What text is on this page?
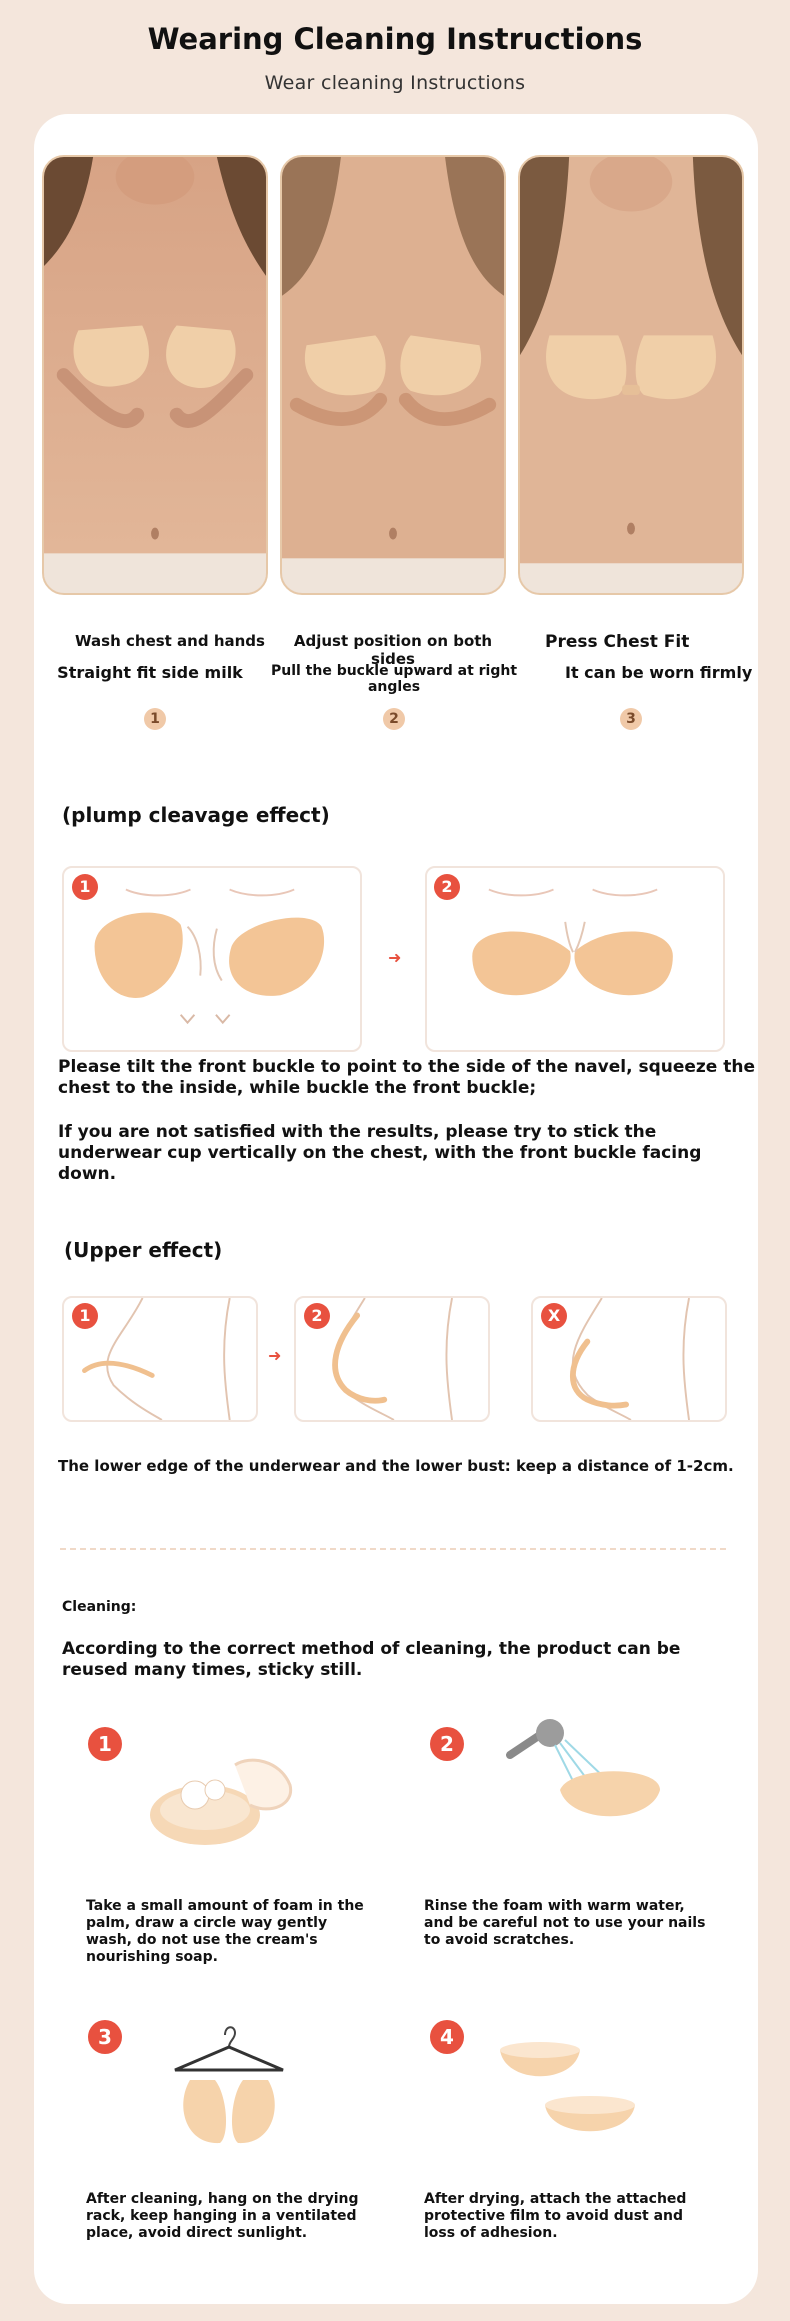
Wearing Cleaning Instructions
Wear cleaning Instructions
Wash chest and hands
Straight fit side milk
1
Adjust position on both sides
Pull the buckle upward at right angles
2
Press Chest Fit
It can be worn firmly
3
(plump cleavage effect)
1
➜
2
Please tilt the front buckle to point to the side of the navel, squeeze the chest to the inside, while buckle the front buckle;
If you are not satisfied with the results, please try to stick the underwear cup vertically on the chest, with the front buckle facing down.
(Upper effect)
1
➜
2	X
The lower edge of the underwear and the lower bust: keep a distance of 1-2cm.
Cleaning:
According to the correct method of cleaning, the product can be reused many times, sticky still.
1
Take a small amount of foam in the palm, draw a circle way gently wash, do not use the cream's nourishing soap.
2
Rinse the foam with warm water, and be careful not to use your nails to avoid scratches.
3
After cleaning, hang on the drying rack, keep hanging in a ventilated place, avoid direct sunlight.
4
After drying, attach the attached protective film to avoid dust and loss of adhesion.
